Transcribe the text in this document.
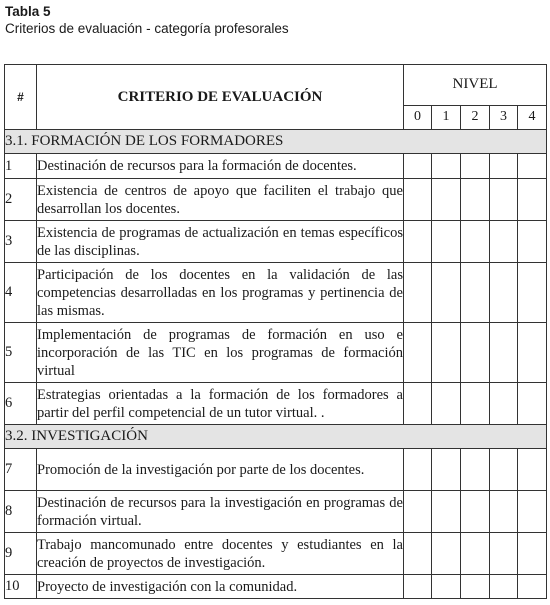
Tabla 5
Criterios de evaluación - categoría profesorales
#	CRITERIO DE EVALUACIÓN	NIVEL				
		0	1	2	3	4
3.1. FORMACIÓN DE LOS FORMADORES						
1	Destinación de recursos para la formación de docentes.					
2	Existencia de centros de apoyo que faciliten el trabajo que desarrollan los docentes.					
3	Existencia de programas de actualización en temas específicos de las disciplinas.					
4	Participación de los docentes en la validación de las competencias desarrolladas en los programas y pertinencia de las mismas.					
5	Implementación de programas de formación en uso e incorporación de las TIC en los programas de formación virtual					
6	Estrategias orientadas a la formación de los formadores a partir del perfil competencial de un tutor virtual. .					
3.2. INVESTIGACIÓN						
7	Promoción de la investigación por parte de los docentes.					
8	Destinación de recursos para la investigación en programas de formación virtual.					
9	Trabajo mancomunado entre docentes y estudiantes en la creación de proyectos de investigación.					
10	Proyecto de investigación con la comunidad.					
